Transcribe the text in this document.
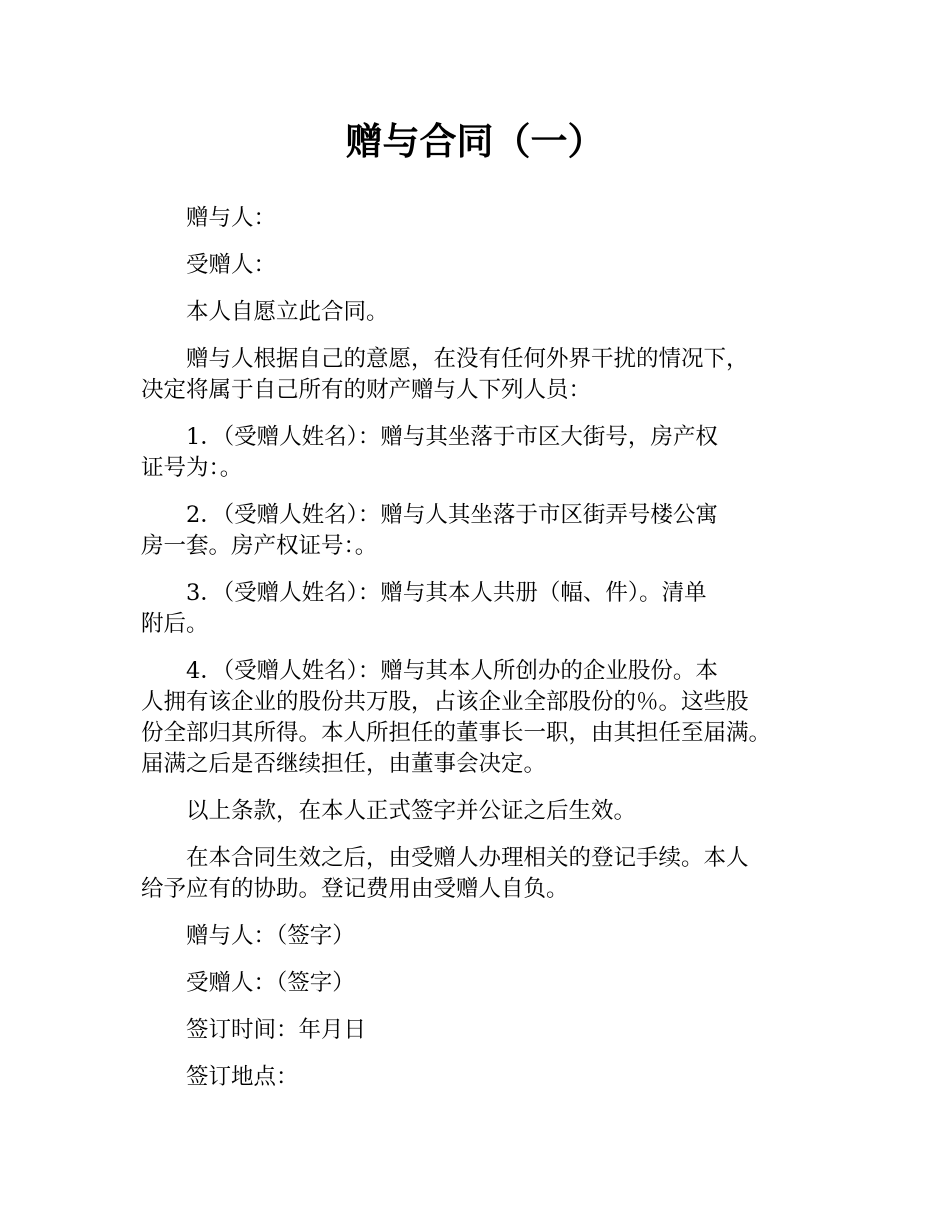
赠与合同（一）

赠与人：

受赠人：

本人自愿立此合同。

赠与人根据自己的意愿，在没有任何外界干扰的情况下，
决定将属于自己所有的财产赠与人下列人员：

1．（受赠人姓名）：赠与其坐落于市区大街号，房产权
证号为：。

2．（受赠人姓名）：赠与人其坐落于市区街弄号楼公寓
房一套。房产权证号：。

3．（受赠人姓名）：赠与其本人共册（幅、件）。清单
附后。

4．（受赠人姓名）：赠与其本人所创办的企业股份。本
人拥有该企业的股份共万股，占该企业全部股份的％。这些股
份全部归其所得。本人所担任的董事长一职，由其担任至届满。
届满之后是否继续担任，由董事会决定。

以上条款，在本人正式签字并公证之后生效。

在本合同生效之后，由受赠人办理相关的登记手续。本人
给予应有的协助。登记费用由受赠人自负。

赠与人：（签字）

受赠人：（签字）

签订时间：年月日

签订地点：
